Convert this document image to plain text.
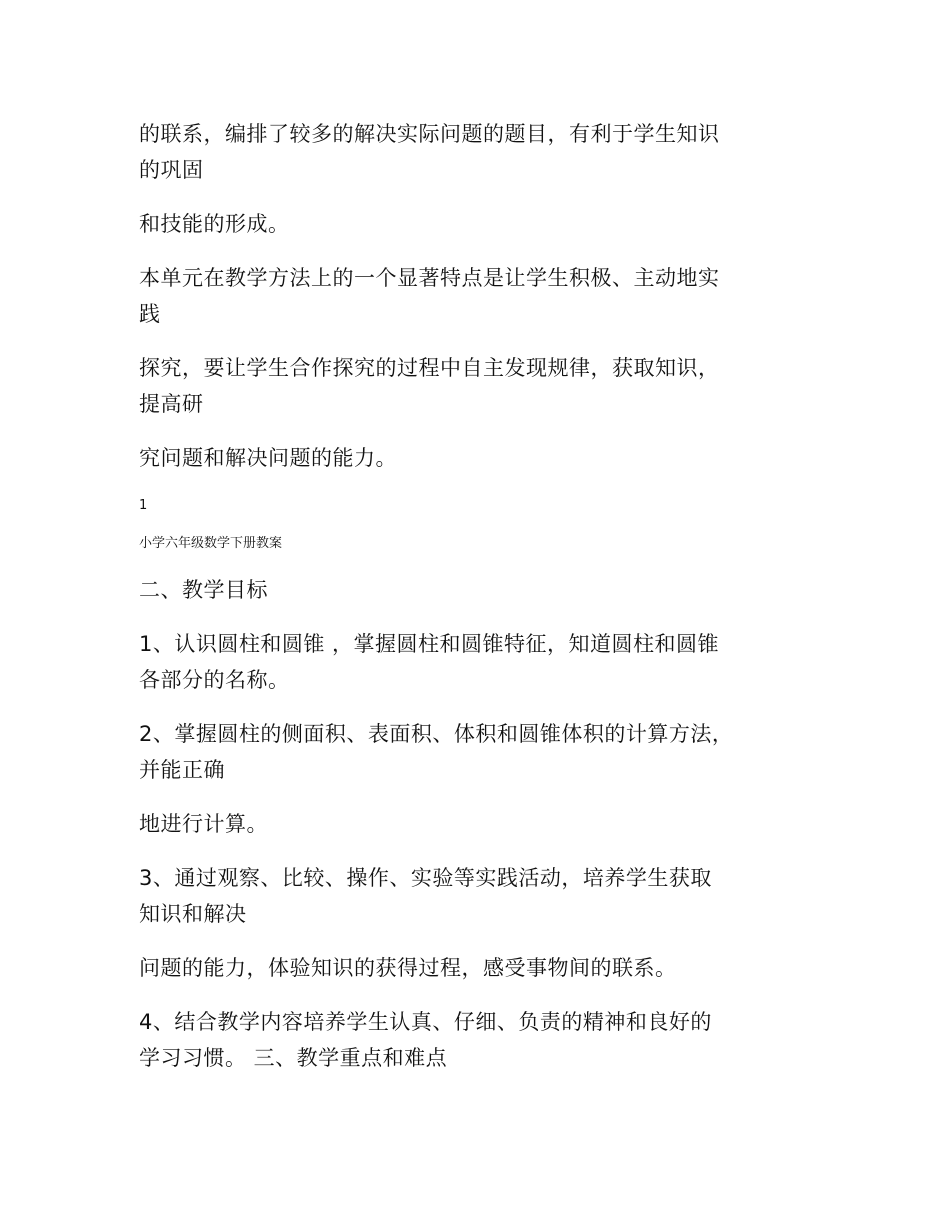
的联系，编排了较多的解决实际问题的题目，有利于学生知识
的巩固

和技能的形成。

本单元在教学方法上的一个显著特点是让学生积极、主动地实
践

探究，要让学生合作探究的过程中自主发现规律，获取知识，
提高研

究问题和解决问题的能力。

1
小学六年级数学下册教案

二、教学目标

1、认识圆柱和圆锥 ，掌握圆柱和圆锥特征，知道圆柱和圆锥
各部分的名称。

2、掌握圆柱的侧面积、表面积、体积和圆锥体积的计算方法，
并能正确

地进行计算。

3、通过观察、比较、操作、实验等实践活动，培养学生获取
知识和解决

问题的能力，体验知识的获得过程，感受事物间的联系。

4、结合教学内容培养学生认真、仔细、负责的精神和良好的
学习习惯。 三、教学重点和难点
